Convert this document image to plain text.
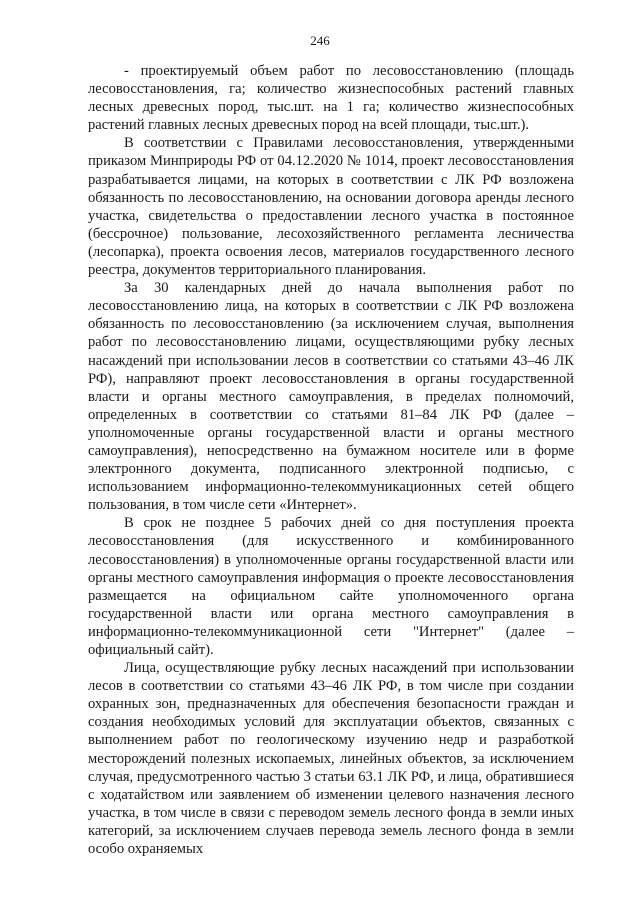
246

- проектируемый объем работ по лесовосстановлению (площадь лесовосстановления, га; количество жизнеспособных растений главных лесных древесных пород, тыс.шт. на 1 га; количество жизнеспособных растений главных лесных древесных пород на всей площади, тыс.шт.).

В соответствии с Правилами лесовосстановления, утвержденными приказом Минприроды РФ от 04.12.2020 № 1014, проект лесовосстановления разрабатывается лицами, на которых в соответствии с ЛК РФ возложена обязанность по лесовосстановлению, на основании договора аренды лесного участка, свидетельства о предоставлении лесного участка в постоянное (бессрочное) пользование, лесохозяйственного регламента лесничества (лесопарка), проекта освоения лесов, материалов государственного лесного реестра, документов территориального планирования.

За 30 календарных дней до начала выполнения работ по лесовосстановлению лица, на которых в соответствии с ЛК РФ возложена обязанность по лесовосстановлению (за исключением случая, выполнения работ по лесовосстановлению лицами, осуществляющими рубку лесных насаждений при использовании лесов в соответствии со статьями 43–46 ЛК РФ), направляют проект лесовосстановления в органы государственной власти и органы местного самоуправления, в пределах полномочий, определенных в соответствии со статьями 81–84 ЛК РФ (далее – уполномоченные органы государственной власти и органы местного самоуправления), непосредственно на бумажном носителе или в форме электронного документа, подписанного электронной подписью, с использованием информационно-телекоммуникационных сетей общего пользования, в том числе сети «Интернет».

В срок не позднее 5 рабочих дней со дня поступления проекта лесовосстановления (для искусственного и комбинированного лесовосстановления) в уполномоченные органы государственной власти или органы местного самоуправления информация о проекте лесовосстановления размещается на официальном сайте уполномоченного органа государственной власти или органа местного самоуправления в информационно-телекоммуникационной сети "Интернет" (далее – официальный сайт).

Лица, осуществляющие рубку лесных насаждений при использовании лесов в соответствии со статьями 43–46 ЛК РФ, в том числе при создании охранных зон, предназначенных для обеспечения безопасности граждан и создания необходимых условий для эксплуатации объектов, связанных с выполнением работ по геологическому изучению недр и разработкой месторождений полезных ископаемых, линейных объектов, за исключением случая, предусмотренного частью 3 статьи 63.1 ЛК РФ, и лица, обратившиеся с ходатайством или заявлением об изменении целевого назначения лесного участка, в том числе в связи с переводом земель лесного фонда в земли иных категорий, за исключением случаев перевода земель лесного фонда в земли особо охраняемых
